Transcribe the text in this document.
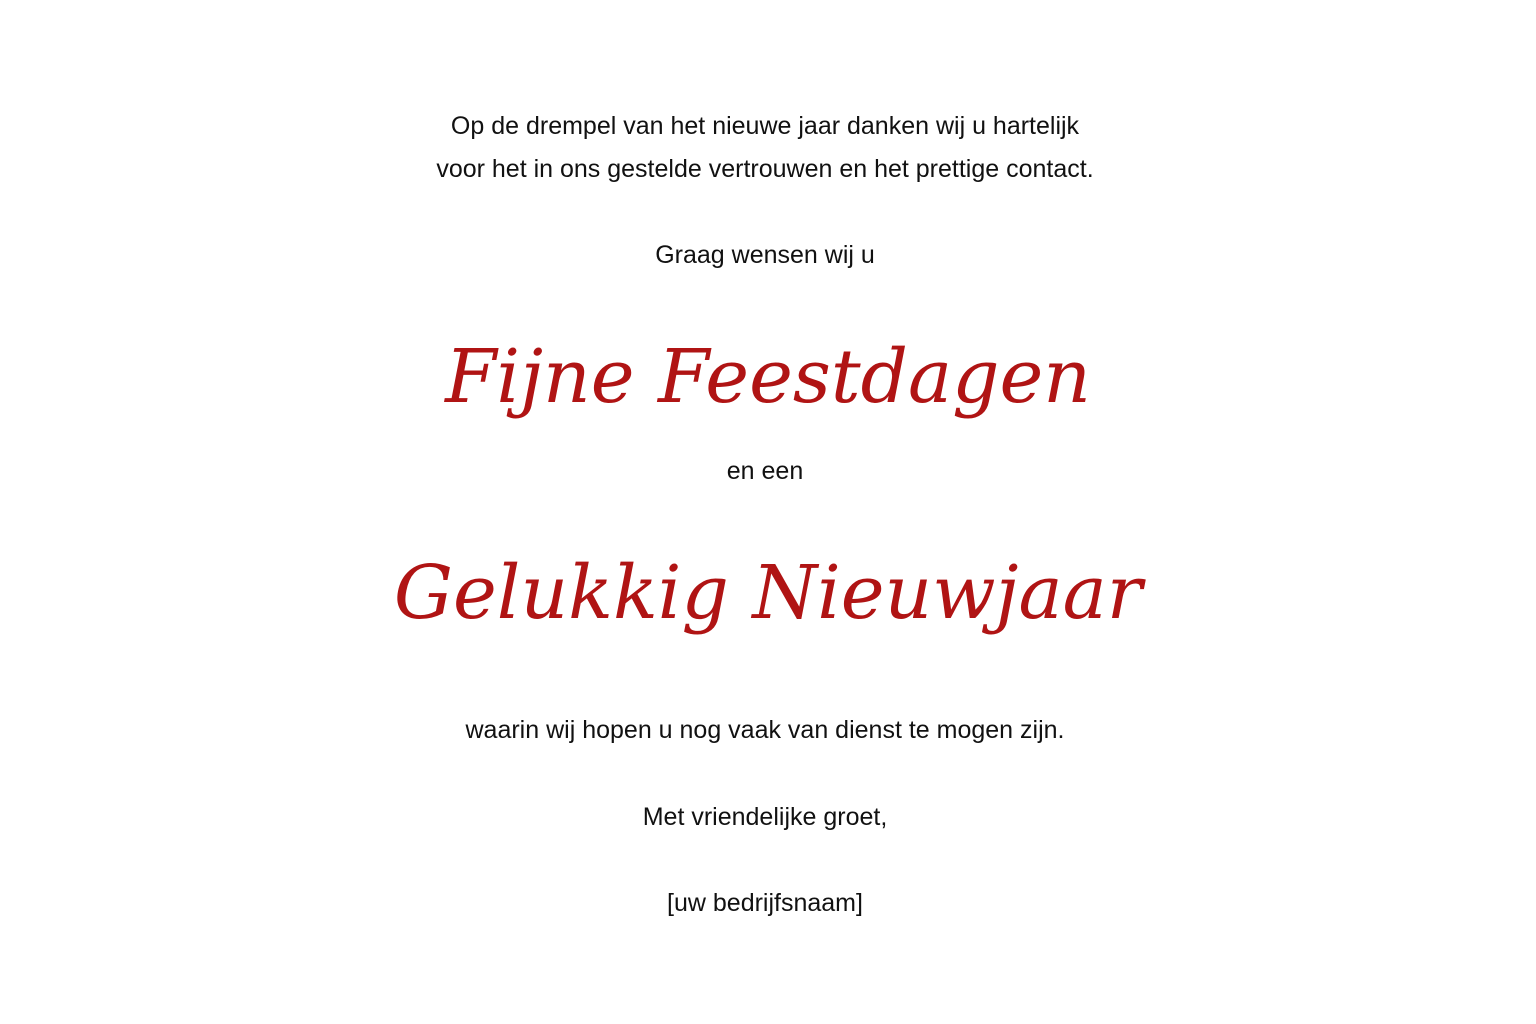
Op de drempel van het nieuwe jaar danken wij u hartelijk
voor het in ons gestelde vertrouwen en het prettige contact.
Graag wensen wij u
Fijne Feestdagen
en een
Gelukkig Nieuwjaar
waarin wij hopen u nog vaak van dienst te mogen zijn.
Met vriendelijke groet,
[uw bedrijfsnaam]
